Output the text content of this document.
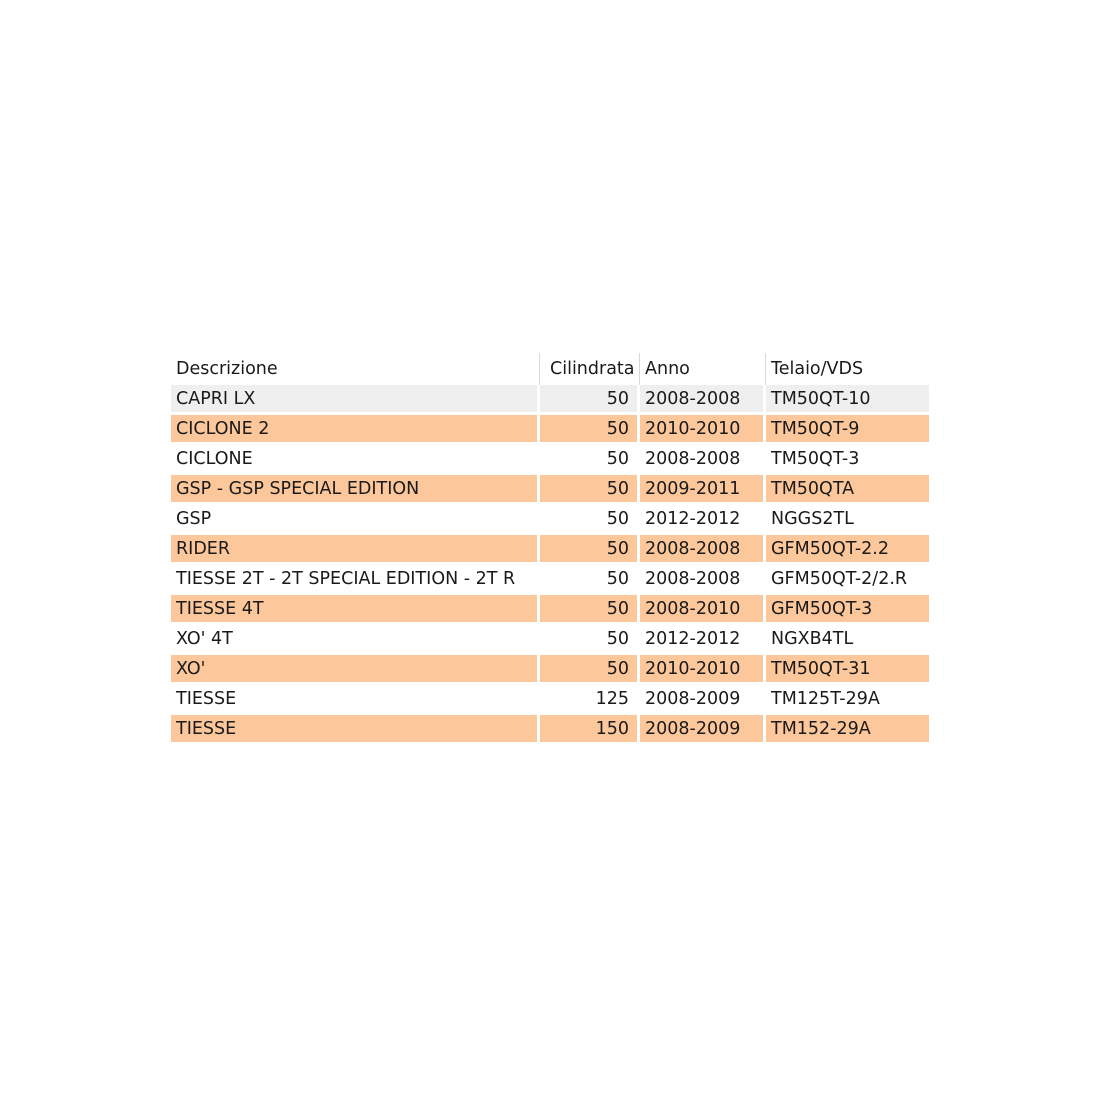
Descrizione	Cilindrata	Anno	Telaio/VDS
CAPRI LX	50	2008-2008	TM50QT-10
CICLONE 2	50	2010-2010	TM50QT-9
CICLONE	50	2008-2008	TM50QT-3
GSP - GSP SPECIAL EDITION	50	2009-2011	TM50QTA
GSP	50	2012-2012	NGGS2TL
RIDER	50	2008-2008	GFM50QT-2.2
TIESSE 2T - 2T SPECIAL EDITION - 2T R	50	2008-2008	GFM50QT-2/2.R
TIESSE 4T	50	2008-2010	GFM50QT-3
XO' 4T	50	2012-2012	NGXB4TL
XO'	50	2010-2010	TM50QT-31
TIESSE	125	2008-2009	TM125T-29A
TIESSE	150	2008-2009	TM152-29A
